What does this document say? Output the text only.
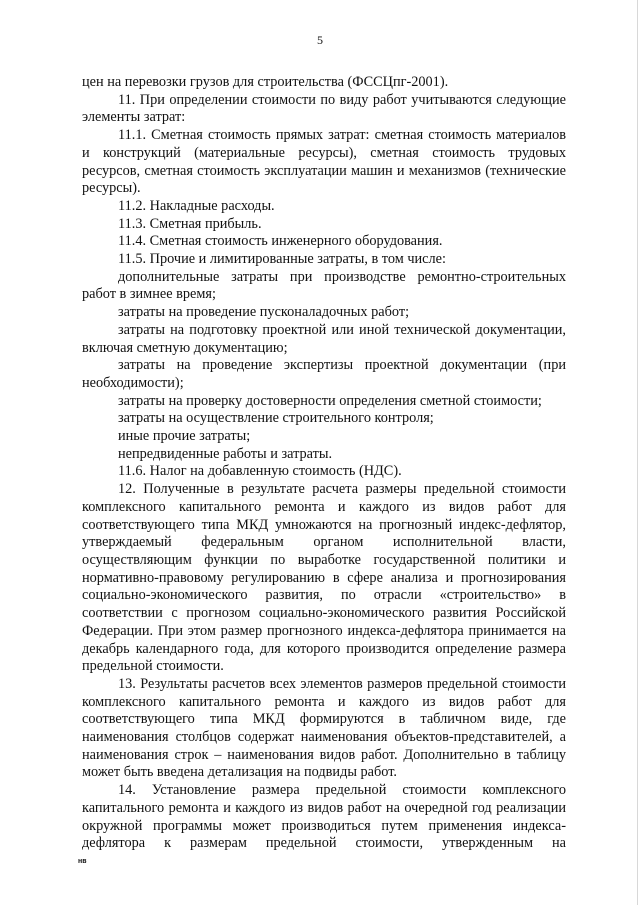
5

цен на перевозки грузов для строительства (ФССЦпг-2001).

11. При определении стоимости по виду работ учитываются следующие элементы затрат:

11.1. Сметная стоимость прямых затрат: сметная стоимость материалов и конструкций (материальные ресурсы), сметная стоимость трудовых ресурсов, сметная стоимость эксплуатации машин и механизмов (технические ресурсы).

11.2. Накладные расходы.

11.3. Сметная прибыль.

11.4. Сметная стоимость инженерного оборудования.

11.5. Прочие и лимитированные затраты, в том числе:

дополнительные затраты при производстве ремонтно-строительных работ в зимнее время;

затраты на проведение пусконаладочных работ;

затраты на подготовку проектной или иной технической документации, включая сметную документацию;

затраты на проведение экспертизы проектной документации (при необходимости);

затраты на проверку достоверности определения сметной стоимости;

затраты на осуществление строительного контроля;

иные прочие затраты;

непредвиденные работы и затраты.

11.6. Налог на добавленную стоимость (НДС).

12. Полученные в результате расчета размеры предельной стоимости комплексного капитального ремонта и каждого из видов работ для соответствующего типа МКД умножаются на прогнозный индекс-дефлятор, утверждаемый федеральным органом исполнительной власти, осуществляющим функции по выработке государственной политики и нормативно-правовому регулированию в сфере анализа и прогнозирования социально-экономического развития, по отрасли «строительство» в соответствии с прогнозом социально-экономического развития Российской Федерации. При этом размер прогнозного индекса-дефлятора принимается на декабрь календарного года, для которого производится определение размера предельной стоимости.

13. Результаты расчетов всех элементов размеров предельной стоимости комплексного капитального ремонта и каждого из видов работ для соответствующего типа МКД формируются в табличном виде, где наименования столбцов содержат наименования объектов-представителей, а наименования строк – наименования видов работ. Дополнительно в таблицу может быть введена детализация на подвиды работ.

14. Установление размера предельной стоимости комплексного капитального ремонта и каждого из видов работ на очередной год реализации окружной программы может производиться путем применения индекса-дефлятора к размерам предельной стоимости, утвержденным на

нв
